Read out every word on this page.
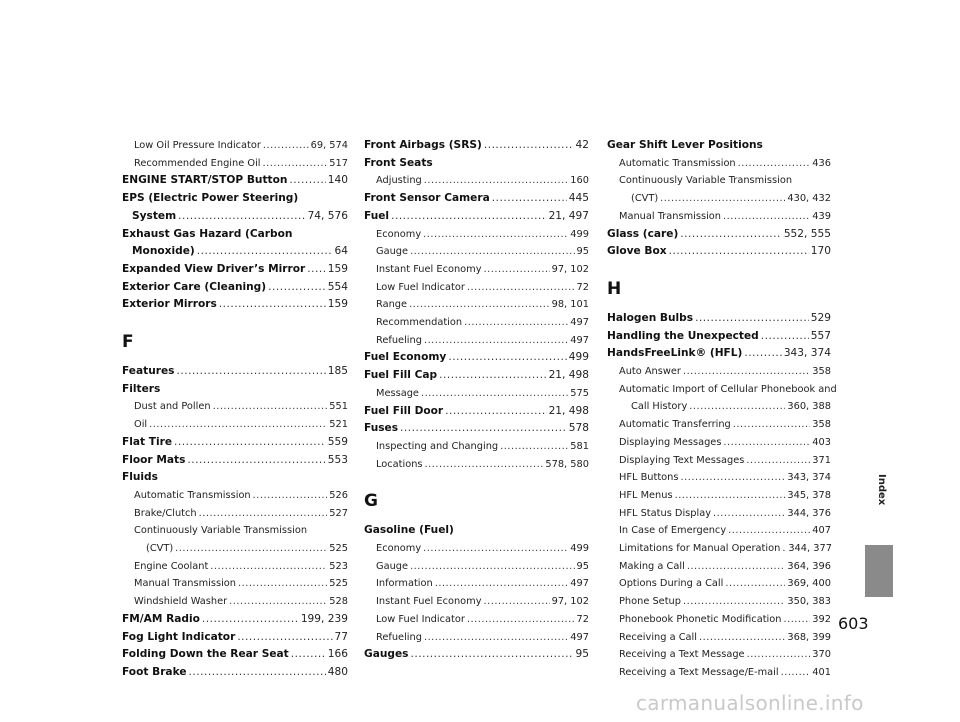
Low Oil Pressure Indicator .....	69, 574
Recommended Engine Oil .....	517
ENGINE START/STOP Button .....	140
EPS (Electric Power Steering)
System .....	74, 576
Exhaust Gas Hazard (Carbon
Monoxide) .....	64
Expanded View Driver’s Mirror ..... 159
Exterior Care (Cleaning) .....	554
Exterior Mirrors .....	159
F
Features .....	185
Filters
Dust and Pollen .....	551
Oil .....	521
Flat Tire .....	559
Floor Mats .....	553
Fluids
Automatic Transmission .....	526
Brake/Clutch .....	527
Continuously Variable Transmission
(CVT) .....	525
Engine Coolant .....	523
Manual Transmission .....	525
Windshield Washer .....	528
FM/AM Radio .....	199, 239
Fog Light Indicator .....	77
Folding Down the Rear Seat .....	166
Foot Brake .....	480
Front Airbags (SRS) .....	42
Front Seats
Adjusting .....	160
Front Sensor Camera .....	445
Fuel .....	21, 497
Economy .....	499
Gauge .....	95
Instant Fuel Economy .....	97, 102
Low Fuel Indicator .....	72
Range .....	98, 101
Recommendation .....	497
Refueling .....	497
Fuel Economy .....	499
Fuel Fill Cap .....	21, 498
Message .....	575
Fuel Fill Door .....	21, 498
Fuses .....	578
Inspecting and Changing .....	581
Locations .....	578, 580
G
Gasoline (Fuel)
Economy .....	499
Gauge .....	95
Information .....	497
Instant Fuel Economy .....	97, 102
Low Fuel Indicator .....	72
Refueling .....	497
Gauges .....	95
Gear Shift Lever Positions
Automatic Transmission .....	436
Continuously Variable Transmission
(CVT) .....	430, 432
Manual Transmission .....	439
Glass (care) .....	552, 555
Glove Box .....	170
H
Halogen Bulbs .....	529
Handling the Unexpected .....	557
HandsFreeLink® (HFL) .....	343, 374
Auto Answer .....	358
Automatic Import of Cellular Phonebook and
Call History .....	360, 388
Automatic Transferring .....	358
Displaying Messages .....	403
Displaying Text Messages .....	371
HFL Buttons .....	343, 374
HFL Menus .....	345, 378
HFL Status Display .....	344, 376
In Case of Emergency .....	407
Limitations for Manual Operation ..... 344, 377
Making a Call .....	364, 396
Options During a Call .....	369, 400
Phone Setup .....	350, 383
Phonebook Phonetic Modification .....	392
Receiving a Call .....	368, 399
Receiving a Text Message .....	370
Receiving a Text Message/E-mail .....	401
Index
603
carmanualsonline.info
